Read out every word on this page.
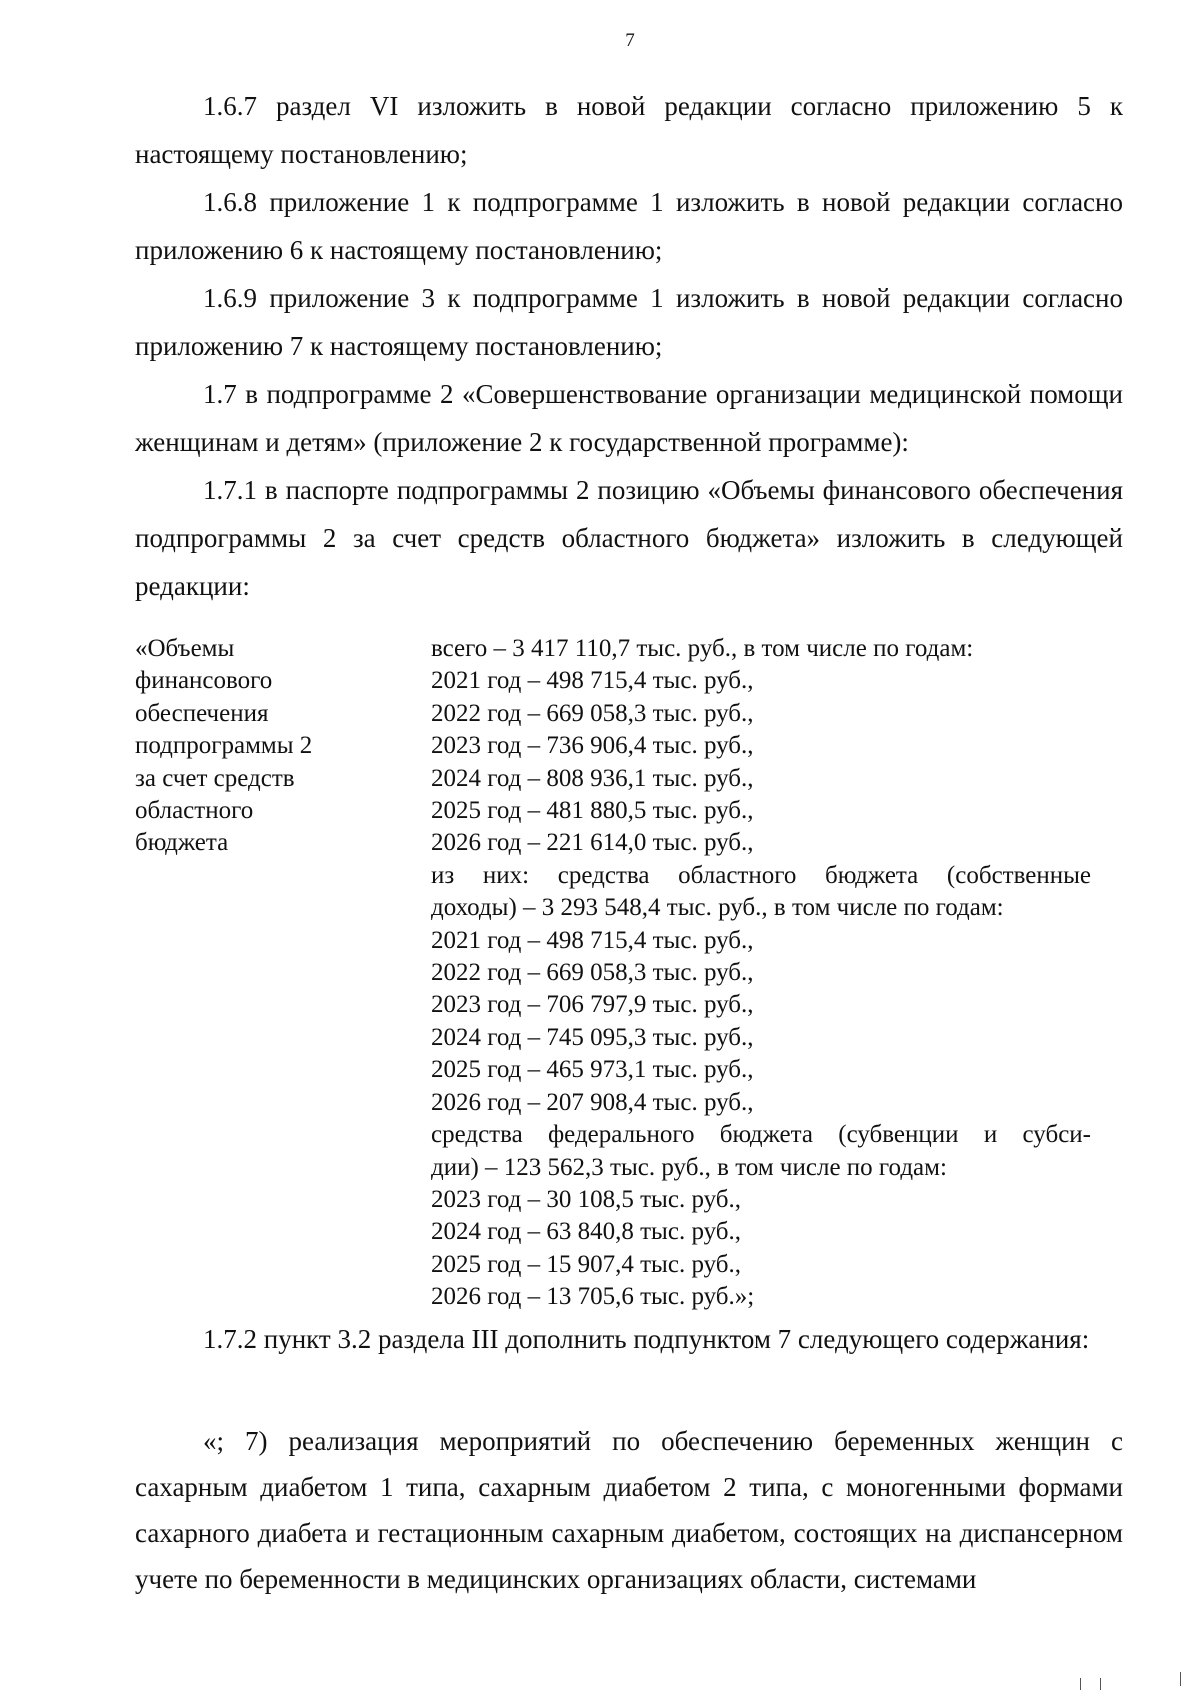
7

1.6.7 раздел VI изложить в новой редакции согласно приложению 5 к настоящему постановлению;

1.6.8 приложение 1 к подпрограмме 1 изложить в новой редакции согласно приложению 6 к настоящему постановлению;

1.6.9 приложение 3 к подпрограмме 1 изложить в новой редакции согласно приложению 7 к настоящему постановлению;

1.7 в подпрограмме 2 «Совершенствование организации медицинской помощи женщинам и детям» (приложение 2 к государственной программе):

1.7.1 в паспорте подпрограммы 2 позицию «Объемы финансового обеспечения подпрограммы 2 за счет средств областного бюджета» изложить в следующей редакции:

«Объемы
финансового
обеспечения
подпрограммы 2
за счет средств
областного
бюджета
всего – 3 417 110,7 тыс. руб., в том числе по годам:
2021 год – 498 715,4 тыс. руб.,
2022 год – 669 058,3 тыс. руб.,
2023 год – 736 906,4 тыс. руб.,
2024 год – 808 936,1 тыс. руб.,
2025 год – 481 880,5 тыс. руб.,
2026 год – 221 614,0 тыс. руб.,
из них: средства областного бюджета (собственные
доходы) – 3 293 548,4 тыс. руб., в том числе по годам:
2021 год – 498 715,4 тыс. руб.,
2022 год – 669 058,3 тыс. руб.,
2023 год – 706 797,9 тыс. руб.,
2024 год – 745 095,3 тыс. руб.,
2025 год – 465 973,1 тыс. руб.,
2026 год – 207 908,4 тыс. руб.,
средства федерального бюджета (субвенции и субси-
дии) – 123 562,3 тыс. руб., в том числе по годам:
2023 год – 30 108,5 тыс. руб.,
2024 год – 63 840,8 тыс. руб.,
2025 год – 15 907,4 тыс. руб.,
2026 год – 13 705,6 тыс. руб.»;

1.7.2 пункт 3.2 раздела III дополнить подпунктом 7 следующего содержания:

«; 7) реализация мероприятий по обеспечению беременных женщин с сахарным диабетом 1 типа, сахарным диабетом 2 типа, с моногенными формами сахарного диабета и гестационным сахарным диабетом, состоящих на диспансерном учете по беременности в медицинских организациях области, системами
